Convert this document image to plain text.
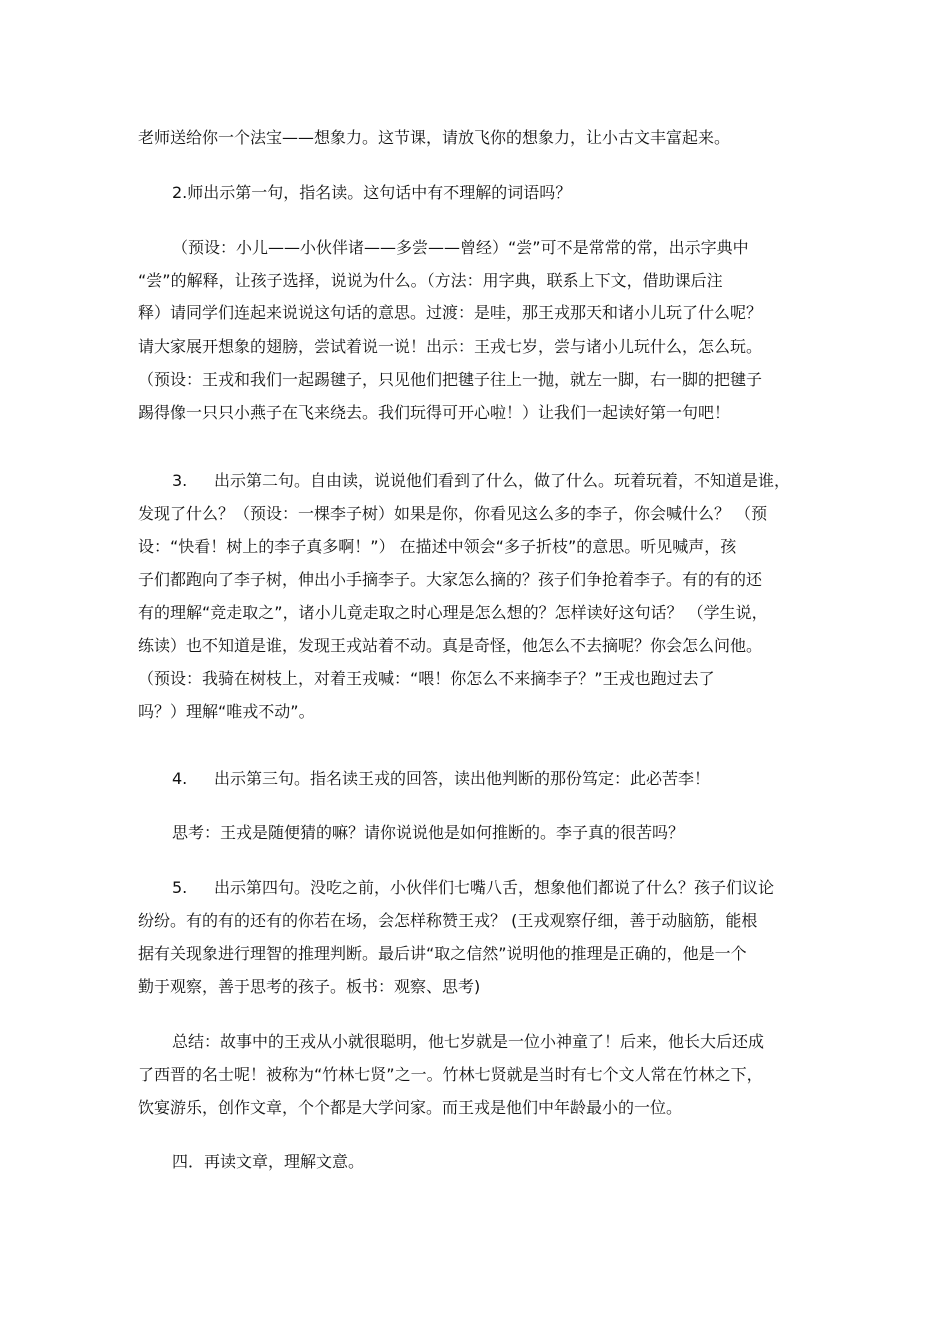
老师送给你一个法宝——想象力。这节课，请放飞你的想象力，让小古文丰富起来。
2.师出示第一句，指名读。这句话中有不理解的词语吗？
（预设：小儿——小伙伴诸——多尝——曾经）“尝”可不是常常的常，出示字典中
“尝”的解释，让孩子选择，说说为什么。（方法：用字典，联系上下文，借助课后注
释）请同学们连起来说说这句话的意思。过渡：是哇，那王戎那天和诸小儿玩了什么呢？
请大家展开想象的翅膀，尝试着说一说！出示：王戎七岁，尝与诸小儿玩什么，怎么玩。
（预设：王戎和我们一起踢毽子，只见他们把毽子往上一抛，就左一脚，右一脚的把毽子
踢得像一只只小燕子在飞来绕去。我们玩得可开心啦！）让我们一起读好第一句吧！
3. 出示第二句。自由读，说说他们看到了什么，做了什么。玩着玩着，不知道是谁，
发现了什么？（预设：一棵李子树）如果是你，你看见这么多的李子，你会喊什么？ （预
设：“快看！树上的李子真多啊！”） 在描述中领会“多子折枝”的意思。听见喊声，孩
子们都跑向了李子树，伸出小手摘李子。大家怎么摘的？孩子们争抢着李子。有的有的还
有的理解“竞走取之”，诸小儿竟走取之时心理是怎么想的？怎样读好这句话？ （学生说，
练读）也不知道是谁，发现王戎站着不动。真是奇怪，他怎么不去摘呢？你会怎么问他。
（预设：我骑在树枝上，对着王戎喊：“喂！你怎么不来摘李子？”王戎也跑过去了
吗？）理解“唯戎不动”。
4. 出示第三句。指名读王戎的回答，读出他判断的那份笃定：此必苦李！
思考：王戎是随便猜的嘛？请你说说他是如何推断的。李子真的很苦吗？
5. 出示第四句。没吃之前，小伙伴们七嘴八舌，想象他们都说了什么？孩子们议论
纷纷。有的有的还有的你若在场，会怎样称赞王戎？ (王戎观察仔细，善于动脑筋，能根
据有关现象进行理智的推理判断。最后讲“取之信然”说明他的推理是正确的，他是一个
勤于观察，善于思考的孩子。板书：观察、思考)
总结：故事中的王戎从小就很聪明，他七岁就是一位小神童了！后来，他长大后还成
了西晋的名士呢！被称为“竹林七贤”之一。竹林七贤就是当时有七个文人常在竹林之下，
饮宴游乐，创作文章，个个都是大学问家。而王戎是他们中年龄最小的一位。
四．再读文章，理解文意。
